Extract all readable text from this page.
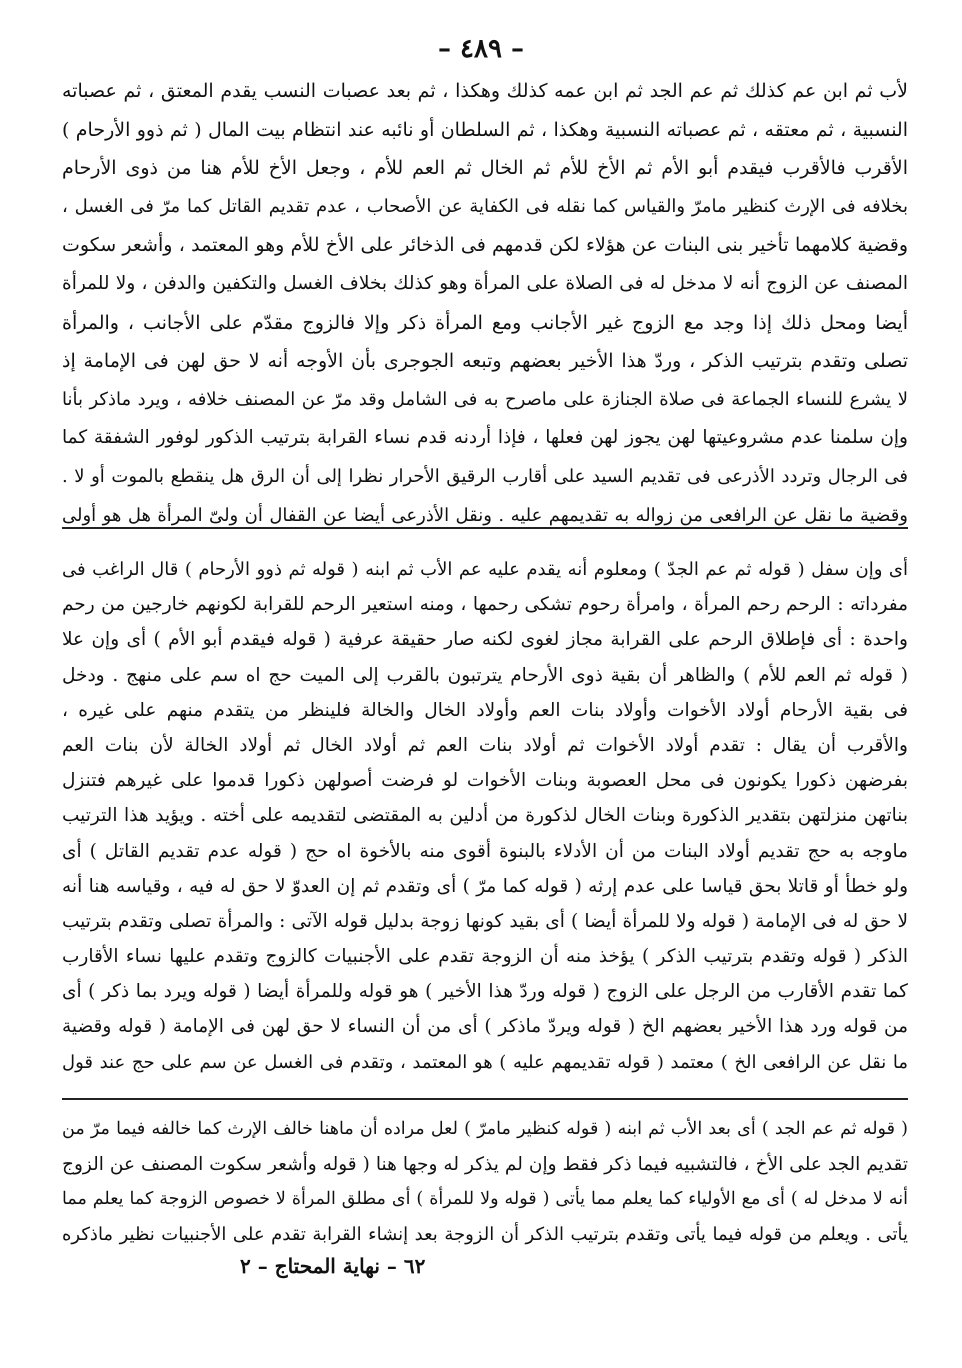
– ٤٨٩ –
لأب ثم ابن عم كذلك ثم عم الجد ثم ابن عمه كذلك وهكذا ، ثم بعد عصبات النسب يقدم المعتق ، ثم عصباته
النسبية ، ثم معتقه ، ثم عصباته النسبية وهكذا ، ثم السلطان أو نائبه عند انتظام بيت المال ( ثم ذوو الأرحام )
الأقرب فالأقرب فيقدم أبو الأم ثم الأخ للأم ثم الخال ثم العم للأم ، وجعل الأخ للأم هنا من ذوى الأرحام
بخلافه فى الإرث كنظير مامرّ والقياس كما نقله فى الكفاية عن الأصحاب ، عدم تقديم القاتل كما مرّ فى الغسل ،
وقضية كلامهما تأخير بنى البنات عن هؤلاء لكن قدمهم فى الذخائر على الأخ للأم وهو المعتمد ، وأشعر سكوت
المصنف عن الزوج أنه لا مدخل له فى الصلاة على المرأة وهو كذلك بخلاف الغسل والتكفين والدفن ، ولا للمرأة
أيضا ومحل ذلك إذا وجد مع الزوج غير الأجانب ومع المرأة ذكر وإلا فالزوج مقدّم على الأجانب ، والمرأة
تصلى وتقدم بترتيب الذكر ، وردّ هذا الأخير بعضهم وتبعه الجوجرى بأن الأوجه أنه لا حق لهن فى الإمامة إذ
لا يشرع للنساء الجماعة فى صلاة الجنازة على ماصرح به فى الشامل وقد مرّ عن المصنف خلافه ، ويرد ماذكر بأنا
وإن سلمنا عدم مشروعيتها لهن يجوز لهن فعلها ، فإذا أردنه قدم نساء القرابة بترتيب الذكور لوفور الشفقة كما
فى الرجال وتردد الأذرعى فى تقديم السيد على أقارب الرقيق الأحرار نظرا إلى أن الرق هل ينقطع بالموت أو لا .
وقضية ما نقل عن الرافعى من زواله به تقديمهم عليه . ونقل الأذرعى أيضا عن القفال أن ولىّ المرأة هل هو أولى
أى وإن سفل ( قوله ثم عم الجدّ ) ومعلوم أنه يقدم عليه عم الأب ثم ابنه ( قوله ثم ذوو الأرحام ) قال الراغب فى
مفرداته : الرحم رحم المرأة ، وامرأة رحوم تشكى رحمها ، ومنه استعير الرحم للقرابة لكونهم خارجين من رحم
واحدة : أى فإطلاق الرحم على القرابة مجاز لغوى لكنه صار حقيقة عرفية ( قوله فيقدم أبو الأم ) أى وإن علا
( قوله ثم العم للأم ) والظاهر أن بقية ذوى الأرحام يترتبون بالقرب إلى الميت حج اه سم على منهج . ودخل
فى بقية الأرحام أولاد الأخوات وأولاد بنات العم وأولاد الخال والخالة فلينظر من يتقدم منهم على غيره ،
والأقرب أن يقال : تقدم أولاد الأخوات ثم أولاد بنات العم ثم أولاد الخال ثم أولاد الخالة لأن بنات العم
بفرضهن ذكورا يكونون فى محل العصوبة وبنات الأخوات لو فرضت أصولهن ذكورا قدموا على غيرهم فتنزل
بناتهن منزلتهن بتقدير الذكورة وبنات الخال لذكورة من أدلين به المقتضى لتقديمه على أخته . ويؤيد هذا الترتيب
ماوجه به حج تقديم أولاد البنات من أن الأدلاء بالبنوة أقوى منه بالأخوة اه حج ( قوله عدم تقديم القاتل ) أى
ولو خطأ أو قاتلا بحق قياسا على عدم إرثه ( قوله كما مرّ ) أى وتقدم ثم إن العدوّ لا حق له فيه ، وقياسه هنا أنه
لا حق له فى الإمامة ( قوله ولا للمرأة أيضا ) أى بقيد كونها زوجة بدليل قوله الآتى : والمرأة تصلى وتقدم بترتيب
الذكر ( قوله وتقدم بترتيب الذكر ) يؤخذ منه أن الزوجة تقدم على الأجنبيات كالزوج وتقدم عليها نساء الأقارب
كما تقدم الأقارب من الرجل على الزوج ( قوله وردّ هذا الأخير ) هو قوله وللمرأة أيضا ( قوله ويرد بما ذكر ) أى
من قوله ورد هذا الأخير بعضهم الخ ( قوله ويردّ ماذكر ) أى من أن النساء لا حق لهن فى الإمامة ( قوله وقضية
ما نقل عن الرافعى الخ ) معتمد ( قوله تقديمهم عليه ) هو المعتمد ، وتقدم فى الغسل عن سم على حج عند قول
( قوله ثم عم الجد ) أى بعد الأب ثم ابنه ( قوله كنظير مامرّ ) لعل مراده أن ماهنا خالف الإرث كما خالفه فيما مرّ من
تقديم الجد على الأخ ، فالتشبيه فيما ذكر فقط وإن لم يذكر له وجها هنا ( قوله وأشعر سكوت المصنف عن الزوج
أنه لا مدخل له ) أى مع الأولياء كما يعلم مما يأتى ( قوله ولا للمرأة ) أى مطلق المرأة لا خصوص الزوجة كما يعلم مما
يأتى . ويعلم من قوله فيما يأتى وتقدم بترتيب الذكر أن الزوجة بعد إنشاء القرابة تقدم على الأجنبيات نظير ماذكره
٦٢ – نهاية المحتاج – ٢
